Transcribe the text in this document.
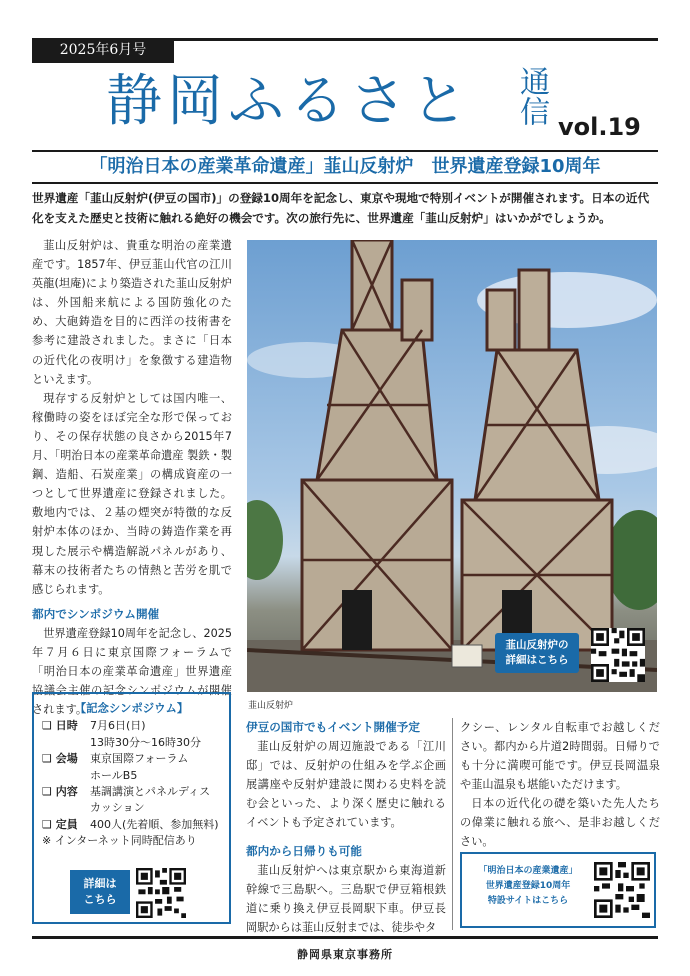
2025年6月号
静岡ふるさと 通信
vol.19
「明治日本の産業革命遺産」韮山反射炉　世界遺産登録10周年
世界遺産「韮山反射炉(伊豆の国市)」の登録10周年を記念し、東京や現地で特別イベントが開催されます。日本の近代化を支えた歴史と技術に触れる絶好の機会です。次の旅行先に、世界遺産「韮山反射炉」はいかがでしょうか。

韮山反射炉は、貴重な明治の産業遺産です。1857年、伊豆韮山代官の江川英龍(坦庵)により築造された韮山反射炉は、外国船来航による国防強化のため、大砲鋳造を目的に西洋の技術書を参考に建設されました。まさに「日本の近代化の夜明け」を象徴する建造物といえます。

現存する反射炉としては国内唯一、稼働時の姿をほぼ完全な形で保っており、その保存状態の良さから2015年7月、「明治日本の産業革命遺産 製鉄・製鋼、造船、石炭産業」の構成資産の一つとして世界遺産に登録されました。敷地内では、２基の煙突が特徴的な反射炉本体のほか、当時の鋳造作業を再現した展示や構造解説パネルがあり、幕末の技術者たちの情熱と苦労を肌で感じられます。

都内でシンポジウム開催

世界遺産登録10周年を記念し、2025年７月６日に東京国際フォーラムで「明治日本の産業革命遺産」世界遺産協議会主催の記念シンポジウムが開催されます。

韮山反射炉の
詳細はこちら
韮山反射炉
【記念シンポジウム】
❑ 日時	7月6日(日)
13時30分～16時30分
❑ 会場	東京国際フォーラム
ホールB5
❑ 内容	基調講演とパネルディス
カッション
❑ 定員	400人(先着順、参加無料)
※ インターネット同時配信あり
詳細は
こちら
伊豆の国市でもイベント開催予定

韮山反射炉の周辺施設である「江川邸」では、反射炉の仕組みを学ぶ企画展講座や反射炉建設に関わる史料を読む会といった、より深く歴史に触れるイベントも予定されています。

都内から日帰りも可能

韮山反射炉へは東京駅から東海道新幹線で三島駅へ。三島駅で伊豆箱根鉄道に乗り換え伊豆長岡駅下車。伊豆長岡駅からは韮山反射までは、徒歩やタ

クシー、レンタル自転車でお越しください。都内から片道2時間弱。日帰りでも十分に満喫可能です。伊豆長岡温泉や韮山温泉も堪能いただけます。

日本の近代化の礎を築いた先人たちの偉業に触れる旅へ、是非お越しください。

「明治日本の産業遺産」
世界遺産登録10周年
特設サイトはこちら
静岡県東京事務所
